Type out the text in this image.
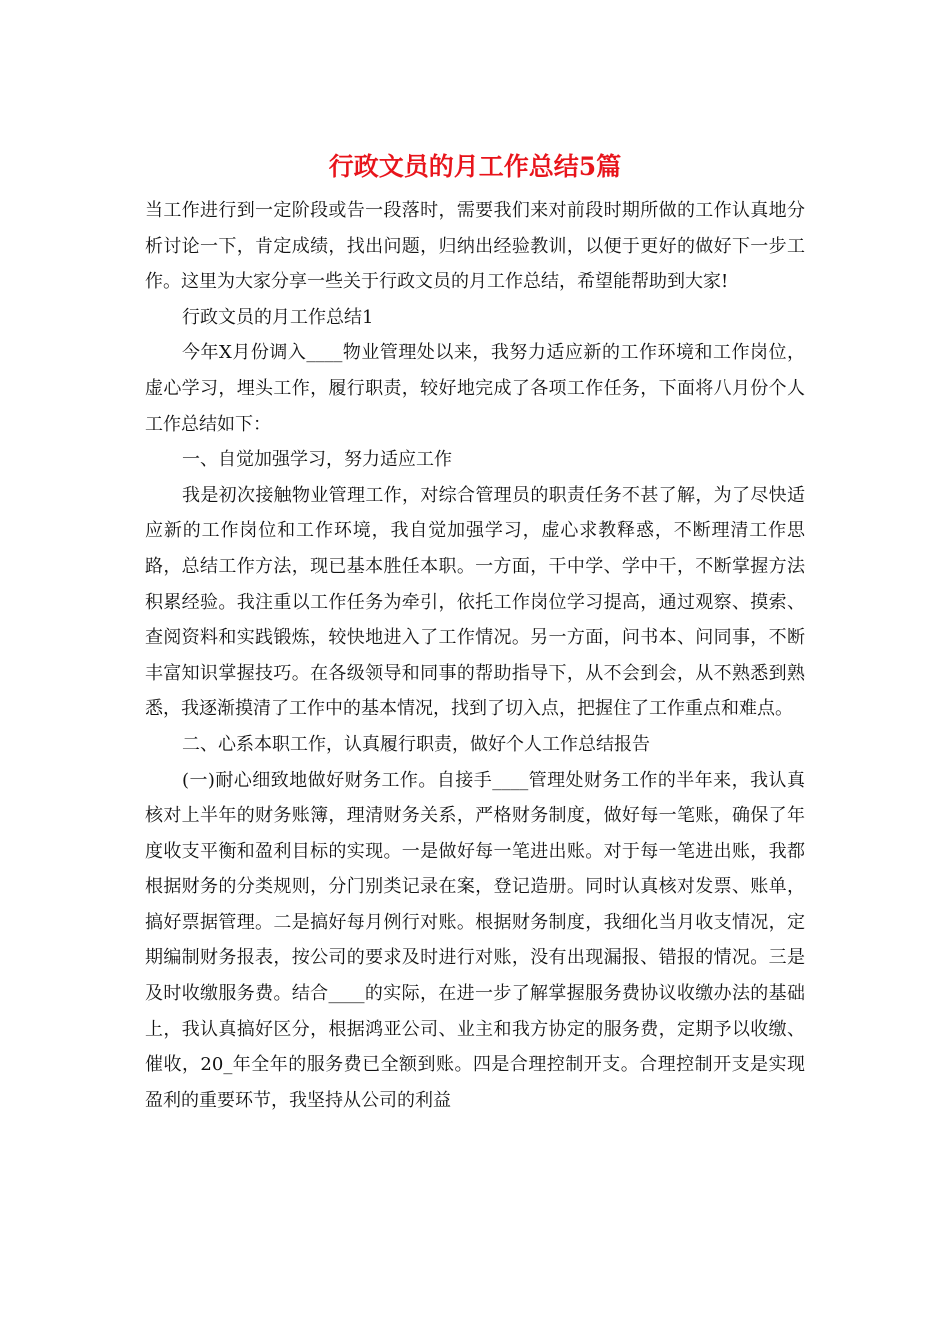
行政文员的月工作总结5篇

当工作进行到一定阶段或告一段落时，需要我们来对前段时期所做的工作认真地分析讨论一下，肯定成绩，找出问题，归纳出经验教训，以便于更好的做好下一步工作。这里为大家分享一些关于行政文员的月工作总结，希望能帮助到大家!

行政文员的月工作总结1

今年X月份调入____物业管理处以来，我努力适应新的工作环境和工作岗位，虚心学习，埋头工作，履行职责，较好地完成了各项工作任务，下面将八月份个人工作总结如下：

一、自觉加强学习，努力适应工作

我是初次接触物业管理工作，对综合管理员的职责任务不甚了解，为了尽快适应新的工作岗位和工作环境，我自觉加强学习，虚心求教释惑，不断理清工作思路，总结工作方法，现已基本胜任本职。一方面，干中学、学中干，不断掌握方法积累经验。我注重以工作任务为牵引，依托工作岗位学习提高，通过观察、摸索、查阅资料和实践锻炼，较快地进入了工作情况。另一方面，问书本、问同事，不断丰富知识掌握技巧。在各级领导和同事的帮助指导下，从不会到会，从不熟悉到熟悉，我逐渐摸清了工作中的基本情况，找到了切入点，把握住了工作重点和难点。

二、心系本职工作，认真履行职责，做好个人工作总结报告

(一)耐心细致地做好财务工作。自接手____管理处财务工作的半年来，我认真核对上半年的财务账簿，理清财务关系，严格财务制度，做好每一笔账，确保了年度收支平衡和盈利目标的实现。一是做好每一笔进出账。对于每一笔进出账，我都根据财务的分类规则，分门别类记录在案，登记造册。同时认真核对发票、账单，搞好票据管理。二是搞好每月例行对账。根据财务制度，我细化当月收支情况，定期编制财务报表，按公司的要求及时进行对账，没有出现漏报、错报的情况。三是及时收缴服务费。结合____的实际，在进一步了解掌握服务费协议收缴办法的基础上，我认真搞好区分，根据鸿亚公司、业主和我方协定的服务费，定期予以收缴、催收，20_年全年的服务费已全额到账。四是合理控制开支。合理控制开支是实现盈利的重要环节，我坚持从公司的利益
